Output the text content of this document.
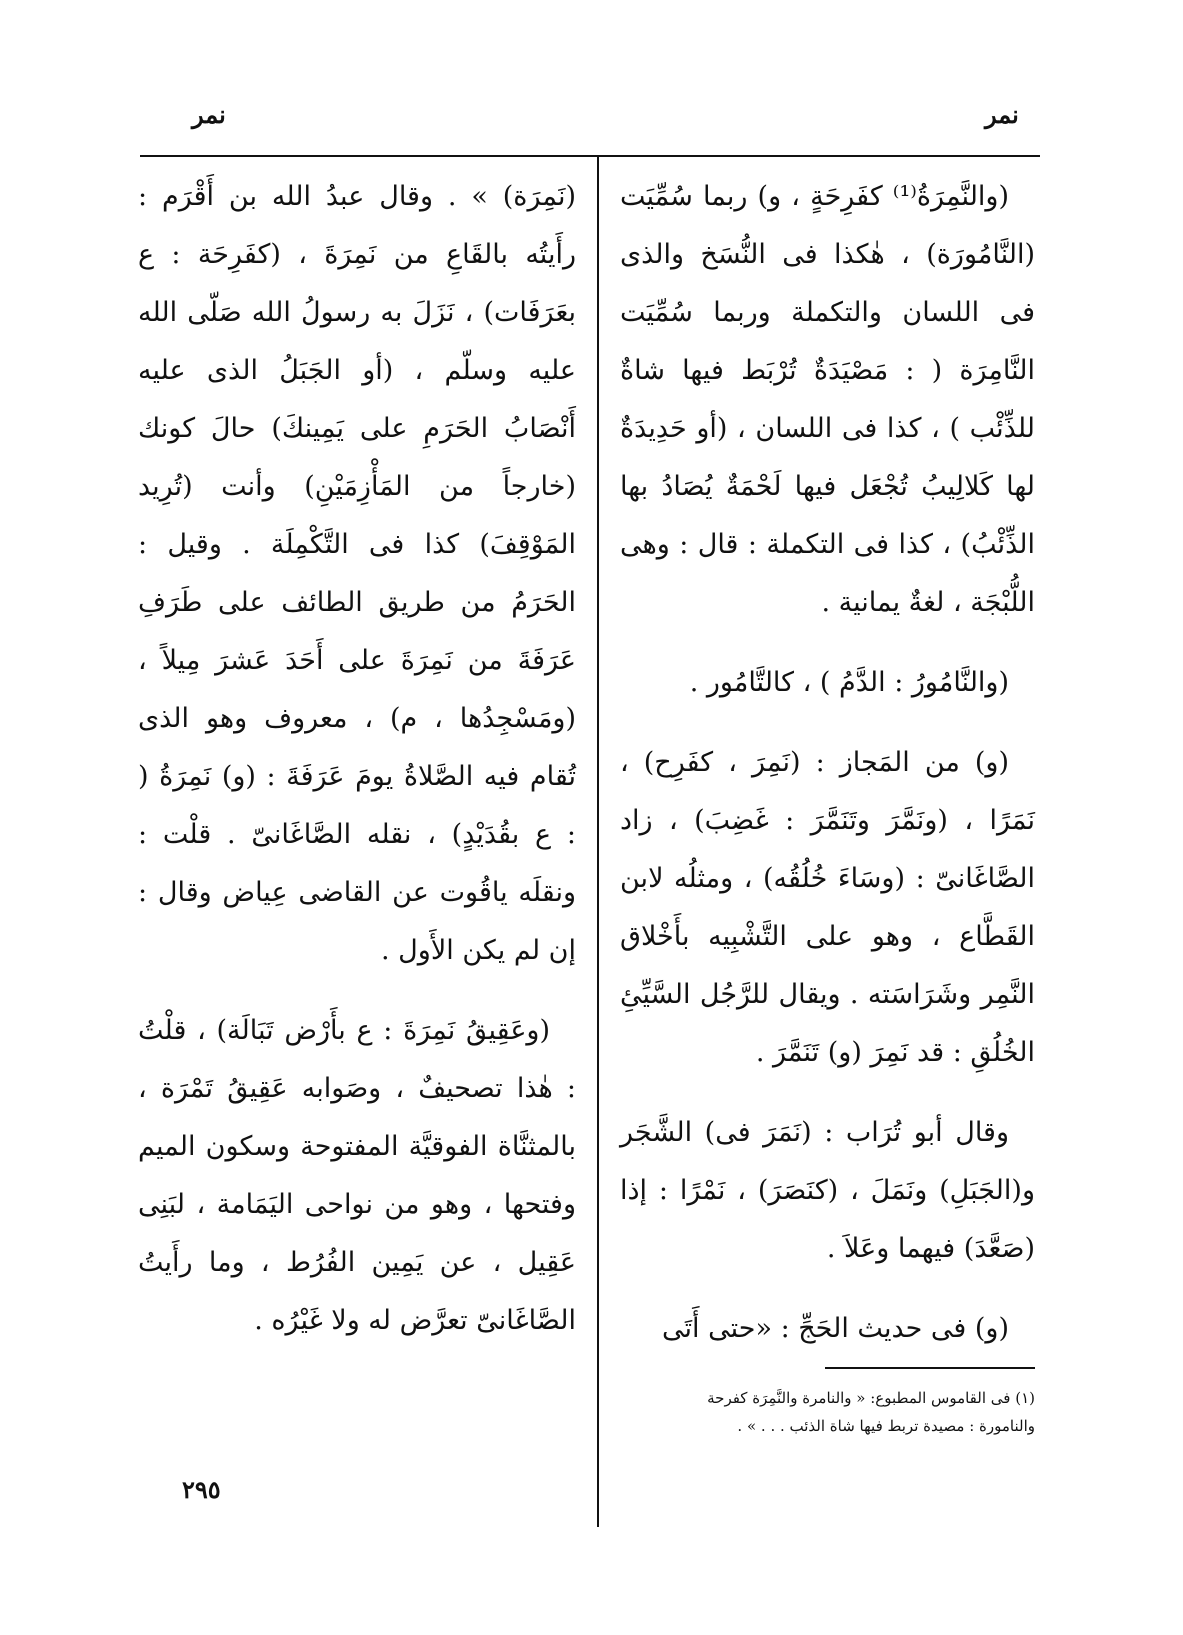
نمر
نمر

(والنَّمِرَةُ⁽¹⁾ كفَرِحَةٍ ، و) ربما سُمِّيَت (النَّامُورَة) ، هٰكذا فى النُّسَخ والذى فى اللسان والتكملة وربما سُمِّيَت النَّامِرَة ( : مَصْيَدَةٌ تُرْبَط فيها شاةٌ للذِّئْب ) ، كذا فى اللسان ، (أو حَدِيدَةٌ لها كَلالِيبُ تُجْعَل فيها لَحْمَةٌ يُصَادُ بها الذِّئْبُ) ، كذا فى التكملة : قال : وهى اللُّبْجَة ، لغةٌ يمانية .

(والنَّامُورُ : الدَّمُ ) ، كالتَّامُور .

(و) من المَجاز : (نَمِرَ ، كفَرِح) ، نَمَرًا ، (ونَمَّرَ وتَنَمَّرَ : غَضِبَ) ، زاد الصَّاغَانىّ : (وسَاءَ خُلُقُه) ، ومثلُه لابن القَطَّاع ، وهو على التَّشْبِيه بأَخْلاق النَّمِر وشَرَاسَته . ويقال للرَّجُل السَّيِّئِ الخُلُقِ : قد نَمِرَ (و) تَنَمَّرَ .

وقال أبو تُرَاب : (نَمَرَ فى) الشَّجَر و(الجَبَلِ) ونَمَلَ ، (كنَصَرَ) ، نَمْرًا : إذا (صَعَّدَ) فيهما وعَلاَ .

(و) فى حديث الحَجِّ : «حتى أَتَى

(نَمِرَة) » . وقال عبدُ الله بن أَقْرَم : رأَيتُه بالقَاعِ من نَمِرَةَ ، (كفَرِحَة : ع بعَرَفَات) ، نَزَلَ به رسولُ الله صَلّى الله عليه وسلّم ، (أو الجَبَلُ الذى عليه أَنْصَابُ الحَرَمِ على يَمِينكَ) حالَ كونك (خارجاً من المَأْزِمَيْنِ) وأنت (تُرِيد المَوْقِفَ) كذا فى التَّكْمِلَة . وقيل : الحَرَمُ من طريق الطائف على طَرَفِ عَرَفَةَ من نَمِرَةَ على أَحَدَ عَشرَ مِيلاً ، (ومَسْجِدُها ، م) ، معروف وهو الذى تُقام فيه الصَّلاةُ يومَ عَرَفَةَ : (و) نَمِرَةُ ( : ع بقُدَيْدٍ) ، نقله الصَّاغَانىّ . قلْت : ونقلَه ياقُوت عن القاضى عِياض وقال : إن لم يكن الأَول .

(وعَقِيقُ نَمِرَةَ : ع بأَرْض تَبَالَة) ، قلْتُ : هٰذا تصحيفٌ ، وصَوابه عَقِيقُ تَمْرَة ، بالمثنَّاة الفوقيَّة المفتوحة وسكون الميم وفتحها ، وهو من نواحى اليَمَامة ، لبَنِى عَقِيل ، عن يَمِين الفُرُط ، وما رأَيتُ الصَّاغَانىّ تعرَّض له ولا غَيْرُه .

(١) فى القاموس المطبوع: « والنامرة والنَّمِرَة كفرحة

والنامورة : مصيدة تربط فيها شاة الذئب . . . » .

٢٩٥
